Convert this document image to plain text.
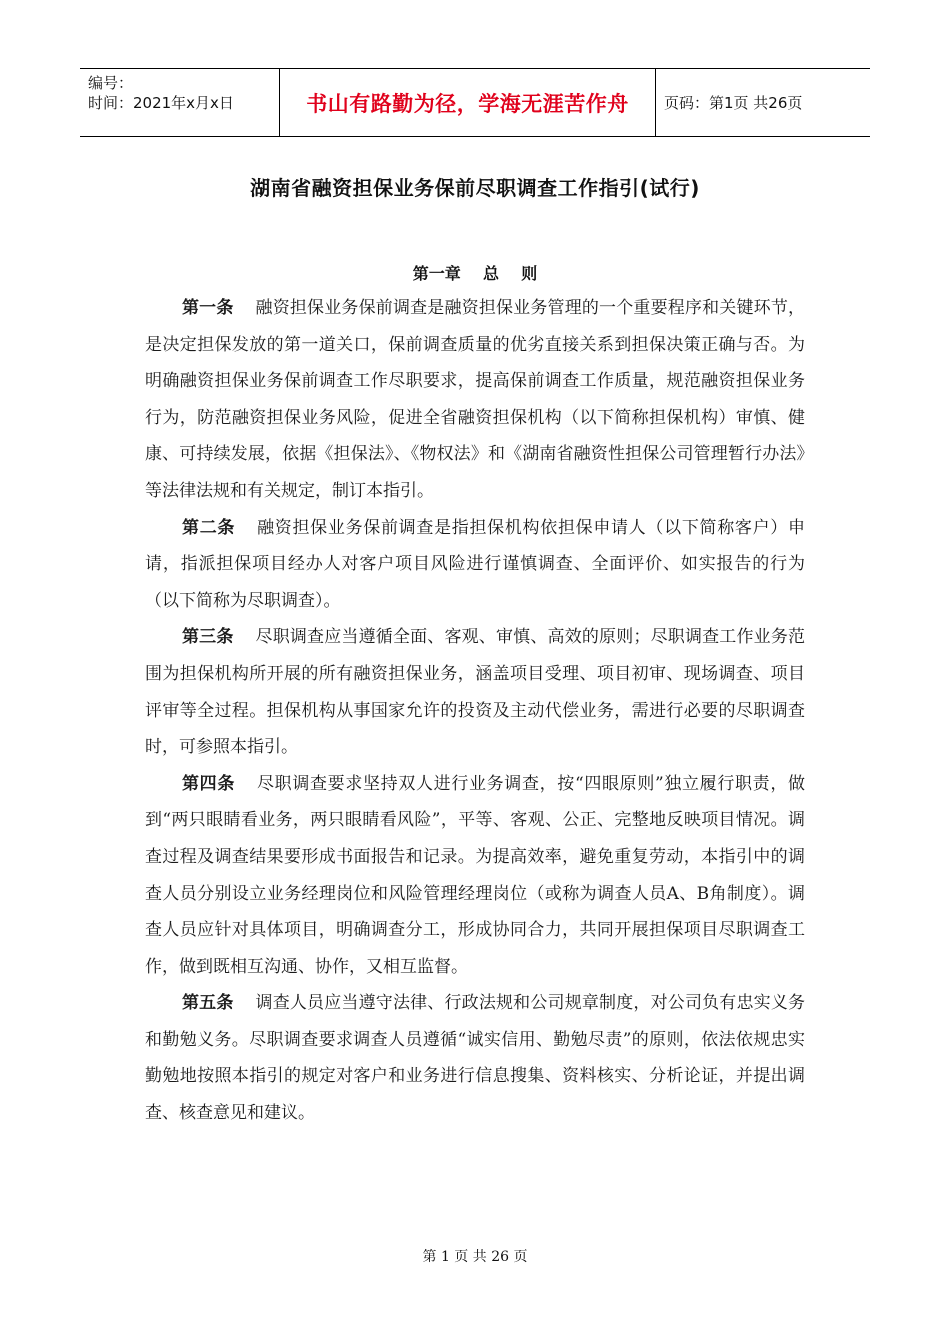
编号：
时间：2021年x月x日	书山有路勤为径，学海无涯苦作舟	页码：第1页 共26页
湖南省融资担保业务保前尽职调查工作指引(试行)
第一章    总    则

第一条 融资担保业务保前调查是融资担保业务管理的一个重要程序和关键环节，是决定担保发放的第一道关口，保前调查质量的优劣直接关系到担保决策正确与否。为明确融资担保业务保前调查工作尽职要求，提高保前调查工作质量，规范融资担保业务行为，防范融资担保业务风险，促进全省融资担保机构（以下简称担保机构）审慎、健康、可持续发展，依据《担保法》、《物权法》和《湖南省融资性担保公司管理暂行办法》等法律法规和有关规定，制订本指引。

第二条 融资担保业务保前调查是指担保机构依担保申请人（以下简称客户）申请，指派担保项目经办人对客户项目风险进行谨慎调查、全面评价、如实报告的行为（以下简称为尽职调查）。

第三条 尽职调查应当遵循全面、客观、审慎、高效的原则；尽职调查工作业务范围为担保机构所开展的所有融资担保业务，涵盖项目受理、项目初审、现场调查、项目评审等全过程。担保机构从事国家允许的投资及主动代偿业务，需进行必要的尽职调查时，可参照本指引。

第四条 尽职调查要求坚持双人进行业务调查，按“四眼原则”独立履行职责，做到“两只眼睛看业务，两只眼睛看风险”，平等、客观、公正、完整地反映项目情况。调查过程及调查结果要形成书面报告和记录。为提高效率，避免重复劳动，本指引中的调查人员分别设立业务经理岗位和风险管理经理岗位（或称为调查人员A、B角制度）。调查人员应针对具体项目，明确调查分工，形成协同合力，共同开展担保项目尽职调查工作，做到既相互沟通、协作，又相互监督。

第五条 调查人员应当遵守法律、行政法规和公司规章制度，对公司负有忠实义务和勤勉义务。尽职调查要求调查人员遵循“诚实信用、勤勉尽责”的原则，依法依规忠实勤勉地按照本指引的规定对客户和业务进行信息搜集、资料核实、分析论证，并提出调查、核查意见和建议。

第 1 页 共 26 页
